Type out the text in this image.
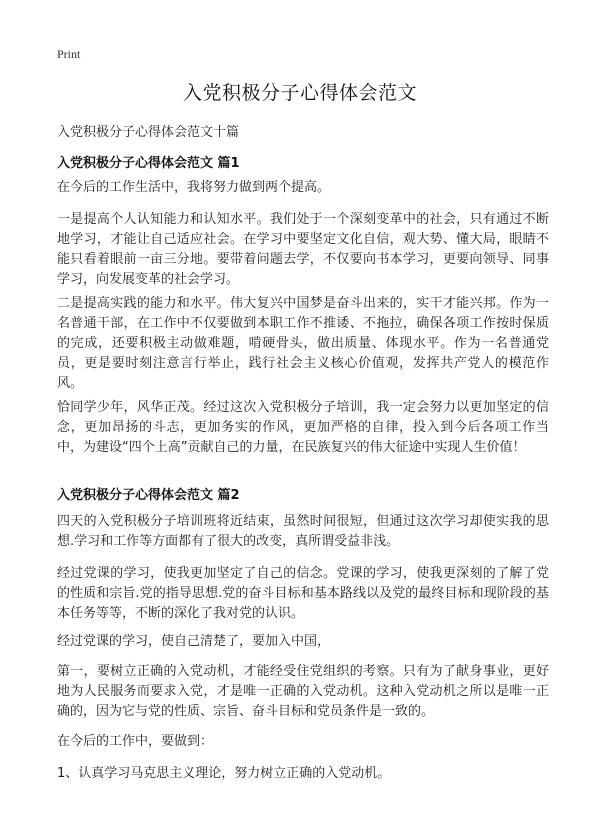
Print
入党积极分子心得体会范文
入党积极分子心得体会范文十篇
入党积极分子心得体会范文 篇1

在今后的工作生活中，我将努力做到两个提高。

一是提高个人认知能力和认知水平。我们处于一个深刻变革中的社会，只有通过不断地学习，才能让自己适应社会。在学习中要坚定文化自信，观大势、懂大局，眼睛不能只看着眼前一亩三分地。要带着问题去学，不仅要向书本学习，更要向领导、同事学习，向发展变革的社会学习。

二是提高实践的能力和水平。伟大复兴中国梦是奋斗出来的，实干才能兴邦。作为一名普通干部，在工作中不仅要做到本职工作不推诿、不拖拉，确保各项工作按时保质的完成，还要积极主动做难题，啃硬骨头，做出质量、体现水平。作为一名普通党员，更是要时刻注意言行举止，践行社会主义核心价值观，发挥共产党人的模范作风。

恰同学少年，风华正茂。经过这次入党积极分子培训，我一定会努力以更加坚定的信念，更加昂扬的斗志，更加务实的作风，更加严格的自律，投入到今后各项工作当中，为建设“四个上高”贡献自己的力量，在民族复兴的伟大征途中实现人生价值！

入党积极分子心得体会范文 篇2

四天的入党积极分子培训班将近结束，虽然时间很短，但通过这次学习却使实我的思想.学习和工作等方面都有了很大的改变，真所谓受益非浅。

经过党课的学习，使我更加坚定了自己的信念。党课的学习，使我更深刻的了解了党的性质和宗旨.党的指导思想.党的奋斗目标和基本路线以及党的最终目标和现阶段的基本任务等等，不断的深化了我对党的认识。

经过党课的学习，使自己清楚了，要加入中国，

第一，要树立正确的入党动机，才能经受住党组织的考察。只有为了献身事业，更好地为人民服务而要求入党，才是唯一正确的入党动机。这种入党动机之所以是唯一正确的，因为它与党的性质、宗旨、奋斗目标和党员条件是一致的。

在今后的工作中，要做到：

1、认真学习马克思主义理论，努力树立正确的入党动机。
